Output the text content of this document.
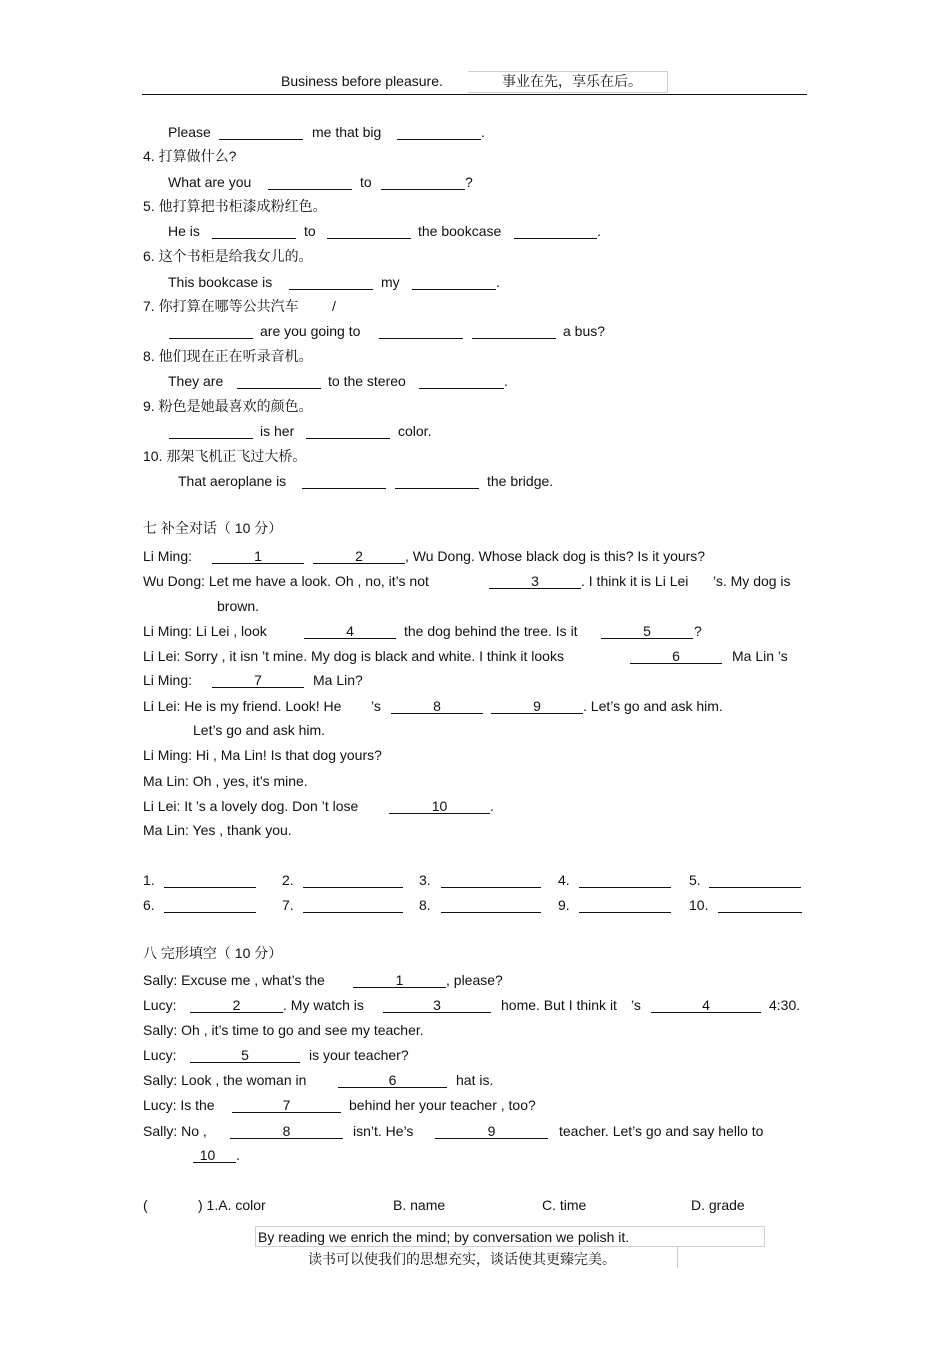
Business before pleasure.	事业在先，享乐在后。
Please	me that big	.
4. 打算做什么?
What are you	to	?
5. 他打算把书柜漆成粉红色。
He is	to	the bookcase	.
6. 这个书柜是给我女儿的。
This bookcase is	my	.
7. 你打算在哪等公共汽车 /
are you going to	a bus?
8. 他们现在正在听录音机。
They are	to the stereo	.
9. 粉色是她最喜欢的颜色。
is her	color.
10. 那架飞机正飞过大桥。
That aeroplane is	the bridge.
七 补全对话（ 10 分）
Li Ming:	1	2	, Wu Dong. Whose black dog is this? Is it yours?
Wu Dong: Let me have a look. Oh , no, it’s not	3	. I think it is Li Lei ’s. My dog is
brown.
Li Ming: Li Lei , look	4	the dog behind the tree. Is it	5	?
Li Lei: Sorry , it isn ’t mine. My dog is black and white. I think it looks	6	Ma Lin ’s
Li Ming:	7	Ma Lin?
Li Lei: He is my friend. Look! He ’s	8	9	. Let’s go and ask him.
Let’s go and ask him.
Li Ming: Hi , Ma Lin! Is that dog yours?
Ma Lin: Oh , yes, it’s mine.
Li Lei: It ’s a lovely dog. Don ’t lose	10	.
Ma Lin: Yes , thank you.
1.	2.	3.	4.	5.
6.	7.	8.	9.	10.
八 完形填空（ 10 分）
Sally: Excuse me , what’s the	1	, please?
Lucy:	2	. My watch is	3	home. But I think it ’s	4	4:30.
Sally: Oh , it’s time to go and see my teacher.
Lucy:	5	is your teacher?
Sally: Look , the woman in	6	hat is.
Lucy: Is the	7	behind her your teacher , too?
Sally: No ,	8	isn’t. He’s	9	teacher. Let’s go and say hello to
10	.
(	) 1.A. color	B. name	C. time	D. grade
By reading we enrich the mind; by conversation we polish it.
读书可以使我们的思想充实，谈话使其更臻完美。
